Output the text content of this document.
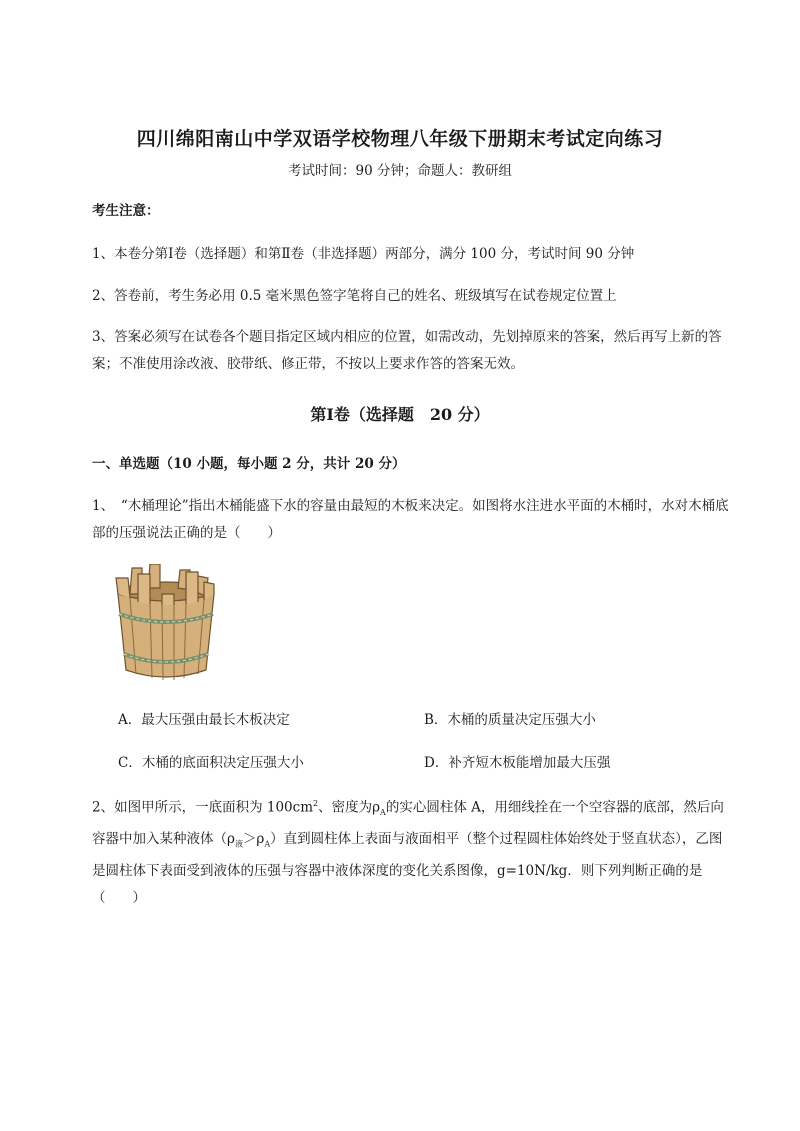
四川绵阳南山中学双语学校物理八年级下册期末考试定向练习
考试时间：90 分钟；命题人：教研组
考生注意：
1、本卷分第Ⅰ卷（选择题）和第Ⅱ卷（非选择题）两部分，满分 100 分，考试时间 90 分钟
2、答卷前，考生务必用 0.5 毫米黑色签字笔将自己的姓名、班级填写在试卷规定位置上
3、答案必须写在试卷各个题目指定区域内相应的位置，如需改动，先划掉原来的答案，然后再写上新的答案；不准使用涂改液、胶带纸、修正带，不按以上要求作答的答案无效。
第Ⅰ卷（选择题　20 分）
一、单选题（10 小题，每小题 2 分，共计 20 分）
1、　“木桶理论”指出木桶能盛下水的容量由最短的木板来决定。如图将水注进水平面的木桶时，水对木桶底部的压强说法正确的是（　　）
A．最大压强由最长木板决定	B．木桶的质量决定压强大小
C．木桶的底面积决定压强大小	D．补齐短木板能增加最大压强
2、如图甲所示，一底面积为 $100cm^2$、密度为$\rho_A$的实心圆柱体 A，用细线拴在一个空容器的底部，然后向容器中加入某种液体$(\rho_液>\rho_A)$直到圆柱体上表面与液面相平（整个过程圆柱体始终处于竖直状态），乙图是圆柱体下表面受到液体的压强与容器中液体深度的变化关系图像，g=10N/kg．则下列判断正确的是（　　）
